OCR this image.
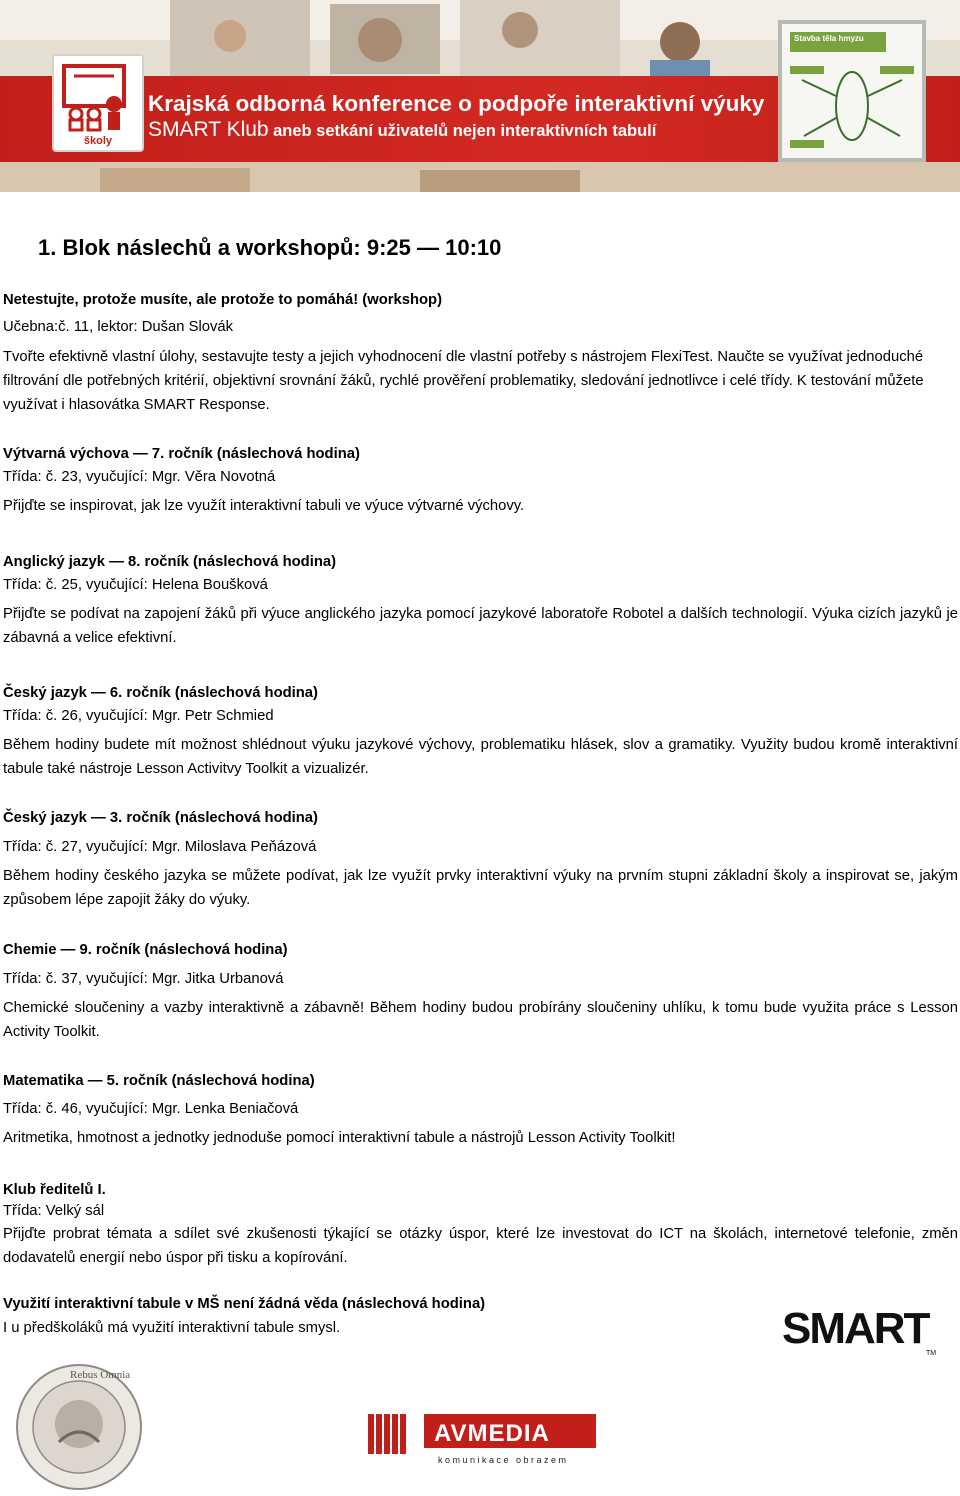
Stavba těla hmyzu
školy
Krajská odborná konference o podpoře interaktivní výuky
SMART Klub aneb setkání uživatelů nejen interaktivních tabulí
1. Blok náslechů a workshopů: 9:25 — 10:10
Netestujte, protože musíte, ale protože to pomáhá! (workshop)
Učebna:č. 11, lektor: Dušan Slovák
Tvořte efektivně vlastní úlohy, sestavujte testy a jejich vyhodnocení dle vlastní potřeby s nástrojem FlexiTest. Naučte se využívat jednoduché filtrování dle potřebných kritérií, objektivní srovnání žáků, rychlé prověření problematiky, sledování jednotlivce i celé třídy. K testování můžete využívat i hlasovátka SMART Response.
Výtvarná výchova — 7. ročník (náslechová hodina)
Třída: č. 23, vyučující: Mgr. Věra Novotná
Přijďte se inspirovat, jak lze využít interaktivní tabuli ve výuce výtvarné výchovy.
Anglický jazyk — 8. ročník (náslechová hodina)
Třída: č. 25, vyučující: Helena Boušková
Přijďte se podívat na zapojení žáků při výuce anglického jazyka pomocí jazykové laboratoře Robotel a dalších technologií. Výuka cizích jazyků je zábavná a velice efektivní.
Český jazyk — 6. ročník (náslechová hodina)
Třída: č. 26, vyučující: Mgr. Petr Schmied
Během hodiny budete mít možnost shlédnout výuku jazykové výchovy, problematiku hlásek, slov a gramatiky. Využity budou kromě interaktivní tabule také nástroje Lesson Activitvy Toolkit a vizualizér.
Český jazyk — 3. ročník (náslechová hodina)
Třída: č. 27, vyučující: Mgr. Miloslava Peňázová
Během hodiny českého jazyka se můžete podívat, jak lze využít prvky interaktivní výuky na prvním stupni základní školy a inspirovat se, jakým způsobem lépe zapojit žáky do výuky.
Chemie — 9. ročník (náslechová hodina)
Třída: č. 37, vyučující: Mgr. Jitka Urbanová
Chemické sloučeniny a vazby interaktivně a zábavně! Během hodiny budou probírány sloučeniny uhlíku, k tomu bude využita práce s Lesson Activity Toolkit.
Matematika — 5. ročník (náslechová hodina)
Třída: č. 46, vyučující: Mgr. Lenka Beniačová
Aritmetika, hmotnost a jednotky jednoduše pomocí interaktivní tabule a nástrojů Lesson Activity Toolkit!
Klub ředitelů I.
Třída: Velký sál
Přijďte probrat témata a sdílet své zkušenosti týkající se otázky úspor, které lze investovat do ICT na školách, internetové telefonie, změn dodavatelů energií nebo úspor při tisku a kopírování.
Využití interaktivní tabule v MŠ není žádná věda (náslechová hodina)
I u předškoláků má využití interaktivní tabule smysl.	SMART
TM
Rebus Omnia
AVMEDIA
komunikace obrazem
